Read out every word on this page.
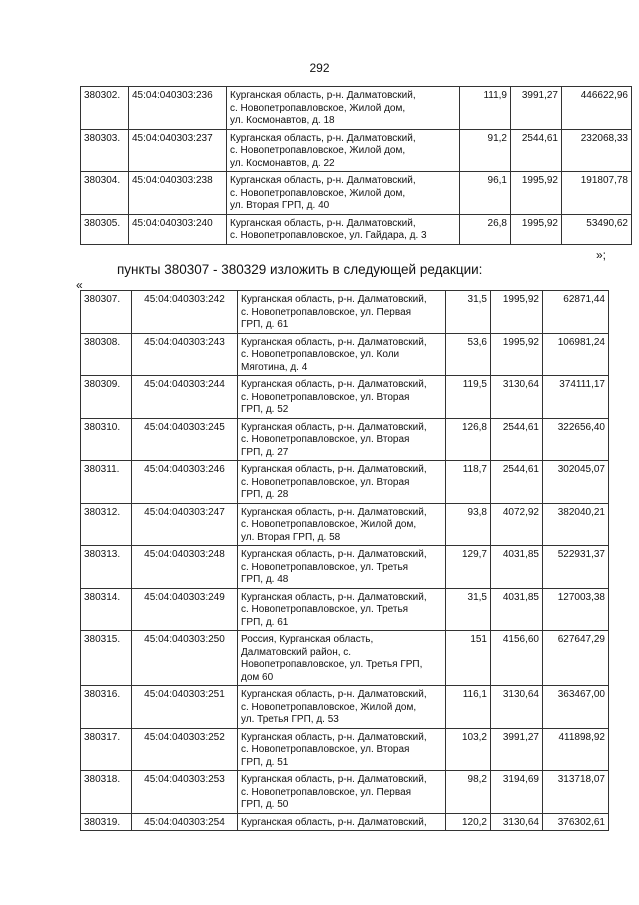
292
380302.	45:04:040303:236	Курганская область, р-н. Далматовский,
с. Новопетропавловское, Жилой дом,
ул. Космонавтов, д. 18	111,9	3991,27	446622,96
380303.	45:04:040303:237	Курганская область, р-н. Далматовский,
с. Новопетропавловское, Жилой дом,
ул. Космонавтов, д. 22	91,2	2544,61	232068,33
380304.	45:04:040303:238	Курганская область, р-н. Далматовский,
с. Новопетропавловское, Жилой дом,
ул. Вторая ГРП, д. 40	96,1	1995,92	191807,78
380305.	45:04:040303:240	Курганская область, р-н. Далматовский,
с. Новопетропавловское, ул. Гайдара, д. 3	26,8	1995,92	53490,62
»;
пункты 380307 - 380329 изложить в следующей редакции:
«
380307.	45:04:040303:242	Курганская область, р-н. Далматовский,
с. Новопетропавловское, ул. Первая
ГРП, д. 61	31,5	1995,92	62871,44
380308.	45:04:040303:243	Курганская область, р-н. Далматовский,
с. Новопетропавловское, ул. Коли
Мяготина, д. 4	53,6	1995,92	106981,24
380309.	45:04:040303:244	Курганская область, р-н. Далматовский,
с. Новопетропавловское, ул. Вторая
ГРП, д. 52	119,5	3130,64	374111,17
380310.	45:04:040303:245	Курганская область, р-н. Далматовский,
с. Новопетропавловское, ул. Вторая
ГРП, д. 27	126,8	2544,61	322656,40
380311.	45:04:040303:246	Курганская область, р-н. Далматовский,
с. Новопетропавловское, ул. Вторая
ГРП, д. 28	118,7	2544,61	302045,07
380312.	45:04:040303:247	Курганская область, р-н. Далматовский,
с. Новопетропавловское, Жилой дом,
ул. Вторая ГРП, д. 58	93,8	4072,92	382040,21
380313.	45:04:040303:248	Курганская область, р-н. Далматовский,
с. Новопетропавловское, ул. Третья
ГРП, д. 48	129,7	4031,85	522931,37
380314.	45:04:040303:249	Курганская область, р-н. Далматовский,
с. Новопетропавловское, ул. Третья
ГРП, д. 61	31,5	4031,85	127003,38
380315.	45:04:040303:250	Россия, Курганская область,
Далматовский район, с.
Новопетропавловское, ул. Третья ГРП,
дом 60	151	4156,60	627647,29
380316.	45:04:040303:251	Курганская область, р-н. Далматовский,
с. Новопетропавловское, Жилой дом,
ул. Третья ГРП, д. 53	116,1	3130,64	363467,00
380317.	45:04:040303:252	Курганская область, р-н. Далматовский,
с. Новопетропавловское, ул. Вторая
ГРП, д. 51	103,2	3991,27	411898,92
380318.	45:04:040303:253	Курганская область, р-н. Далматовский,
с. Новопетропавловское, ул. Первая
ГРП, д. 50	98,2	3194,69	313718,07
380319.	45:04:040303:254	Курганская область, р-н. Далматовский,	120,2	3130,64	376302,61
